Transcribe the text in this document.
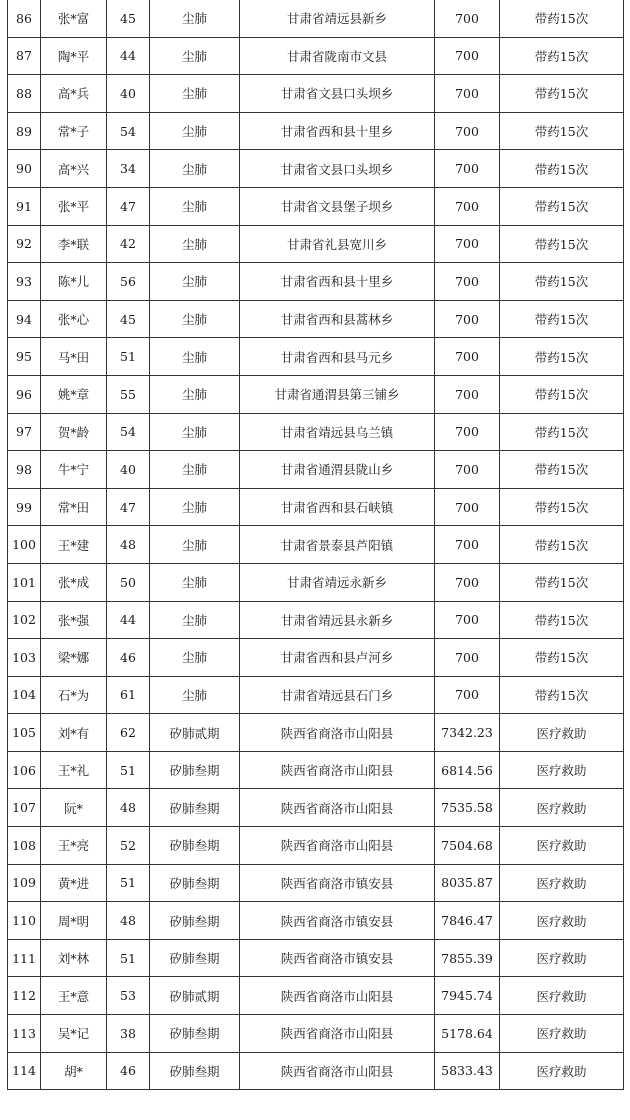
86	张*富	45	尘肺	甘肃省靖远县新乡	700	带药15次
87	陶*平	44	尘肺	甘肃省陇南市文县	700	带药15次
88	高*兵	40	尘肺	甘肃省文县口头坝乡	700	带药15次
89	常*子	54	尘肺	甘肃省西和县十里乡	700	带药15次
90	高*兴	34	尘肺	甘肃省文县口头坝乡	700	带药15次
91	张*平	47	尘肺	甘肃省文县堡子坝乡	700	带药15次
92	李*联	42	尘肺	甘肃省礼县宽川乡	700	带药15次
93	陈*儿	56	尘肺	甘肃省西和县十里乡	700	带药15次
94	张*心	45	尘肺	甘肃省西和县蒿林乡	700	带药15次
95	马*田	51	尘肺	甘肃省西和县马元乡	700	带药15次
96	姚*章	55	尘肺	甘肃省通渭县第三铺乡	700	带药15次
97	贺*龄	54	尘肺	甘肃省靖远县乌兰镇	700	带药15次
98	牛*宁	40	尘肺	甘肃省通渭县陇山乡	700	带药15次
99	常*田	47	尘肺	甘肃省西和县石峡镇	700	带药15次
100	王*建	48	尘肺	甘肃省景泰县芦阳镇	700	带药15次
101	张*成	50	尘肺	甘肃省靖远永新乡	700	带药15次
102	张*强	44	尘肺	甘肃省靖远县永新乡	700	带药15次
103	梁*娜	46	尘肺	甘肃省西和县卢河乡	700	带药15次
104	石*为	61	尘肺	甘肃省靖远县石门乡	700	带药15次
105	刘*有	62	矽肺贰期	陕西省商洛市山阳县	7342.23	医疗救助
106	王*礼	51	矽肺叁期	陕西省商洛市山阳县	6814.56	医疗救助
107	阮*	48	矽肺叁期	陕西省商洛市山阳县	7535.58	医疗救助
108	王*亮	52	矽肺叁期	陕西省商洛市山阳县	7504.68	医疗救助
109	黄*进	51	矽肺叁期	陕西省商洛市镇安县	8035.87	医疗救助
110	周*明	48	矽肺叁期	陕西省商洛市镇安县	7846.47	医疗救助
111	刘*林	51	矽肺叁期	陕西省商洛市镇安县	7855.39	医疗救助
112	王*意	53	矽肺贰期	陕西省商洛市山阳县	7945.74	医疗救助
113	吴*记	38	矽肺叁期	陕西省商洛市山阳县	5178.64	医疗救助
114	胡*	46	矽肺叁期	陕西省商洛市山阳县	5833.43	医疗救助
